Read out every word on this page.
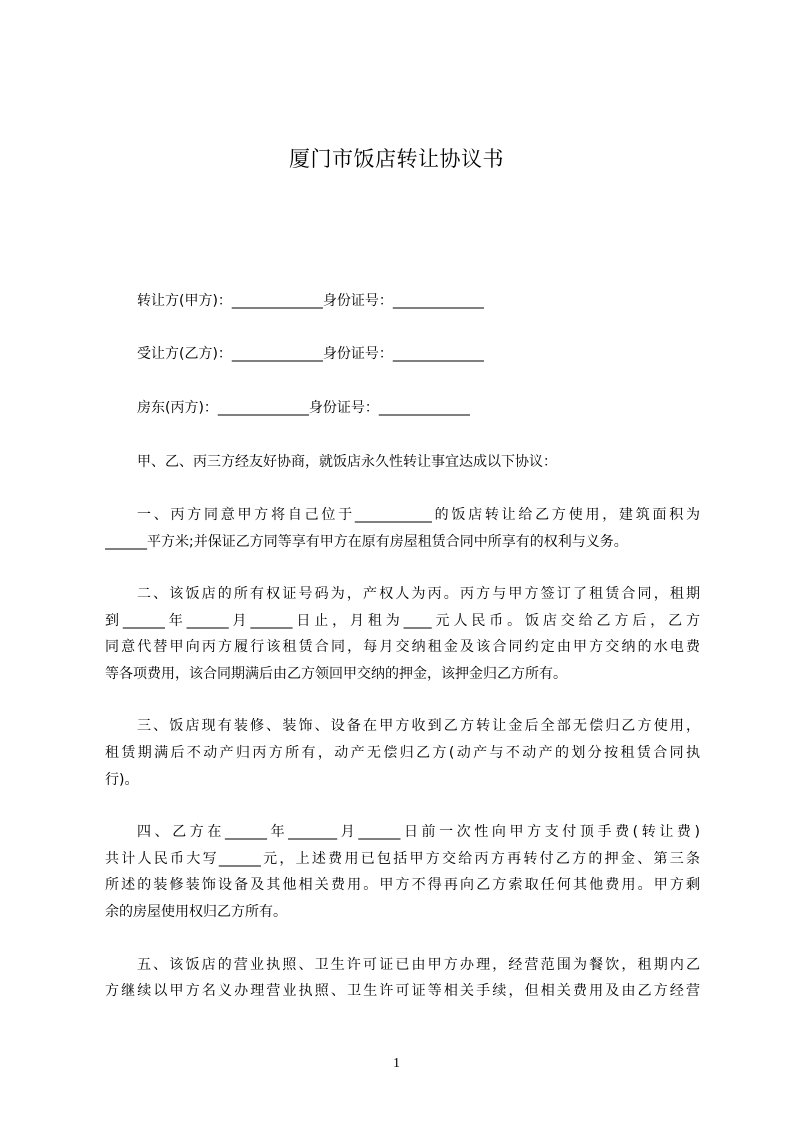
厦门市饭店转让协议书
转让方(甲方)：_____________身份证号：_____________
受让方(乙方)：_____________身份证号：_____________
房东(丙方)：_____________身份证号：_____________
甲、乙、丙三方经友好协商，就饭店永久性转让事宜达成以下协议：
一、丙方同意甲方将自己位于___________的饭店转让给乙方使用，建筑面积为
______平方米;并保证乙方同等享有甲方在原有房屋租赁合同中所享有的权利与义务。
二、该饭店的所有权证号码为，产权人为丙。丙方与甲方签订了租赁合同，租期
到______年______月______日止，月租为____元人民币。饭店交给乙方后，乙方
同意代替甲向丙方履行该租赁合同，每月交纳租金及该合同约定由甲方交纳的水电费
等各项费用，该合同期满后由乙方领回甲交纳的押金，该押金归乙方所有。
三、饭店现有装修、装饰、设备在甲方收到乙方转让金后全部无偿归乙方使用，
租赁期满后不动产归丙方所有，动产无偿归乙方(动产与不动产的划分按租赁合同执
行)。
四、乙方在______年_______月______日前一次性向甲方支付顶手费(转让费)
共计人民币大写______元，上述费用已包括甲方交给丙方再转付乙方的押金、第三条
所述的装修装饰设备及其他相关费用。甲方不得再向乙方索取任何其他费用。甲方剩
余的房屋使用权归乙方所有。
五、该饭店的营业执照、卫生许可证已由甲方办理，经营范围为餐饮，租期内乙
方继续以甲方名义办理营业执照、卫生许可证等相关手续，但相关费用及由乙方经营
1
